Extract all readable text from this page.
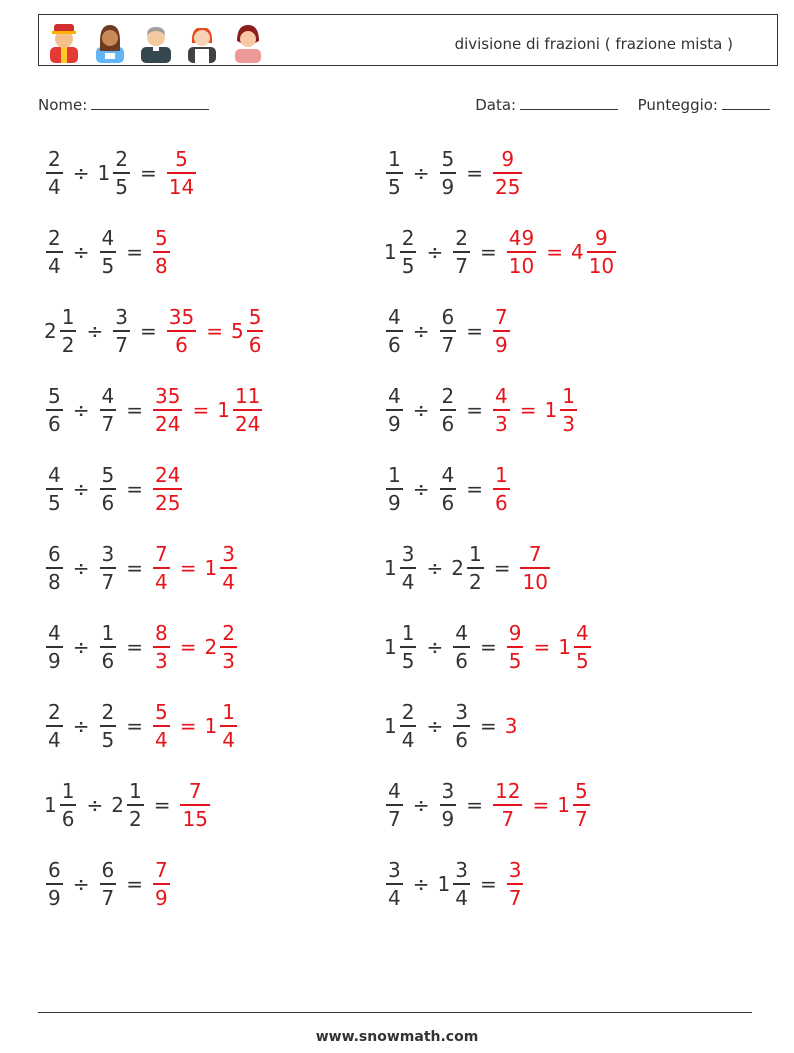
divisione di frazioni ( frazione mista )
Nome:	Data:	Punteggio:
$\frac{2}{4} \div 1 \frac{2}{5} = \frac{5}{14}$	$\frac{1}{5} \div \frac{5}{9} = \frac{9}{25}$
$\frac{2}{4} \div \frac{4}{5} = \frac{5}{8}$	$1 \frac{2}{5} \div \frac{2}{7} = \frac{49}{10} = 4 \frac{9}{10}$
$2 \frac{1}{2} \div \frac{3}{7} = \frac{35}{6} = 5 \frac{5}{6}$	$\frac{4}{6} \div \frac{6}{7} = \frac{7}{9}$
$\frac{5}{6} \div \frac{4}{7} = \frac{35}{24} = 1 \frac{11}{24}$	$\frac{4}{9} \div \frac{2}{6} = \frac{4}{3} = 1 \frac{1}{3}$
$\frac{4}{5} \div \frac{5}{6} = \frac{24}{25}$	$\frac{1}{9} \div \frac{4}{6} = \frac{1}{6}$
$\frac{6}{8} \div \frac{3}{7} = \frac{7}{4} = 1 \frac{3}{4}$	$1 \frac{3}{4} \div 2 \frac{1}{2} = \frac{7}{10}$
$\frac{4}{9} \div \frac{1}{6} = \frac{8}{3} = 2 \frac{2}{3}$	$1 \frac{1}{5} \div \frac{4}{6} = \frac{9}{5} = 1 \frac{4}{5}$
$\frac{2}{4} \div \frac{2}{5} = \frac{5}{4} = 1 \frac{1}{4}$	$1 \frac{2}{4} \div \frac{3}{6} = 3$
$1 \frac{1}{6} \div 2 \frac{1}{2} = \frac{7}{15}$	$\frac{4}{7} \div \frac{3}{9} = \frac{12}{7} = 1 \frac{5}{7}$
$\frac{6}{9} \div \frac{6}{7} = \frac{7}{9}$	$\frac{3}{4} \div 1 \frac{3}{4} = \frac{3}{7}$
www.snowmath.com
